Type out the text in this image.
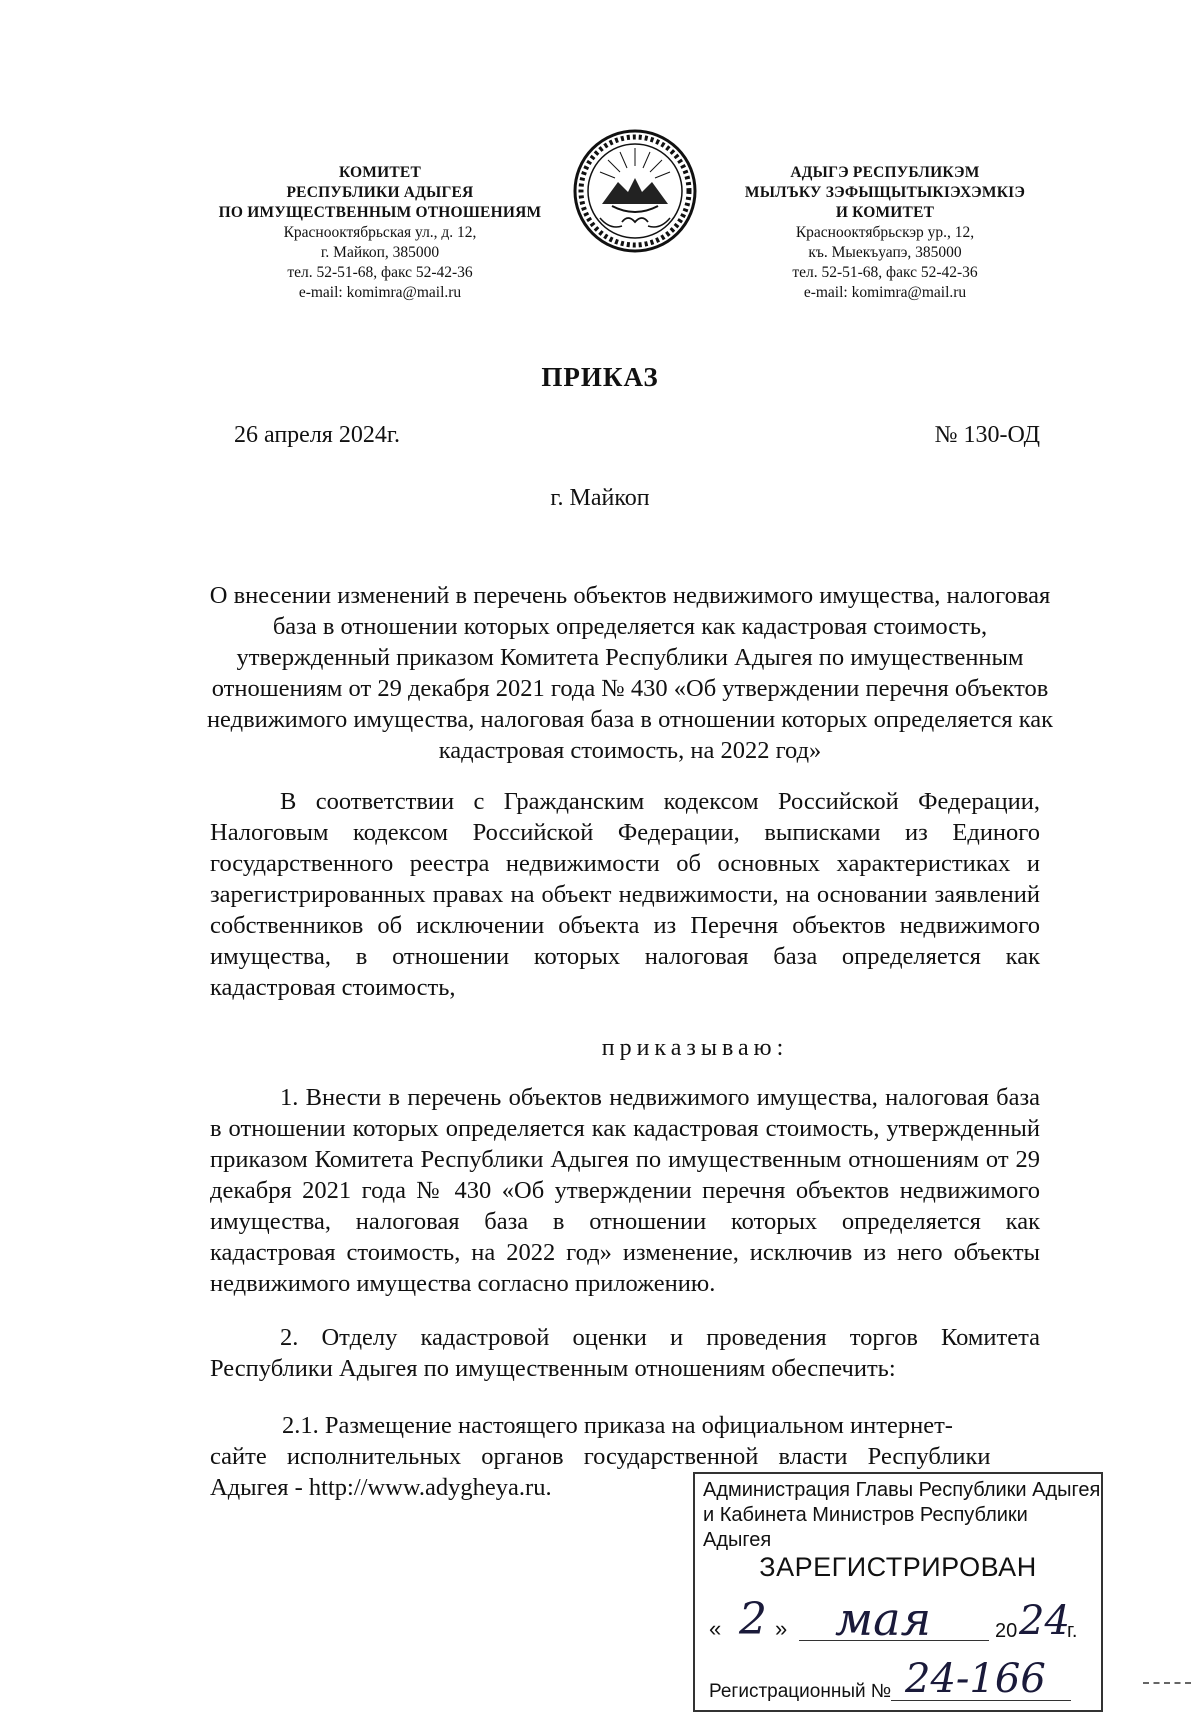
КОМИТЕТ
РЕСПУБЛИКИ АДЫГЕЯ
ПО ИМУЩЕСТВЕННЫМ ОТНОШЕНИЯМ
Краснооктябрьская ул., д. 12,
г. Майкоп, 385000
тел. 52-51-68, факс 52-42-36
e-mail: komimra@mail.ru
АДЫГЭ РЕСПУБЛИКЭМ
МЫЛЪКУ ЗЭФЫЩЫТЫКIЭХЭМКIЭ
И КОМИТЕТ
Краснооктябрьскэр ур., 12,
къ. Мыекъуапэ, 385000
тел. 52-51-68, факс 52-42-36
e-mail: komimra@mail.ru
ПРИКАЗ
26 апреля 2024г.	№ 130-ОД
г. Майкоп
О внесении изменений в перечень объектов недвижимого имущества, налоговая база в отношении которых определяется как кадастровая стоимость, утвержденный приказом Комитета Республики Адыгея по имущественным отношениям от 29 декабря 2021 года № 430 «Об утверждении перечня объектов недвижимого имущества, налоговая база в отношении которых определяется как кадастровая стоимость, на 2022 год»
В соответствии с Гражданским кодексом Российской Федерации, Налоговым кодексом Российской Федерации, выписками из Единого государственного реестра недвижимости об основных характеристиках и зарегистрированных правах на объект недвижимости, на основании заявлений собственников об исключении объекта из Перечня объектов недвижимого имущества, в отношении которых налоговая база определяется как кадастровая стоимость,
приказываю:
1. Внести в перечень объектов недвижимого имущества, налоговая база в отношении которых определяется как кадастровая стоимость, утвержденный приказом Комитета Республики Адыгея по имущественным отношениям от 29 декабря 2021 года № 430 «Об утверждении перечня объектов недвижимого имущества, налоговая база в отношении которых определяется как кадастровая стоимость, на 2022 год» изменение, исключив из него объекты недвижимого имущества согласно приложению.
2. Отделу кадастровой оценки и проведения торгов Комитета Республики Адыгея по имущественным отношениям обеспечить:
2.1. Размещение настоящего приказа на официальном интернет-
сайте исполнительных органов государственной власти Республики
Адыгея - http://www.adygheya.ru.	Администрация Главы Республики Адыгея
и Кабинета Министров Республики Адыгея
ЗАРЕГИСТРИРОВАН
« 2 » мая	20 24
г.
Регистрационный № 24-166
